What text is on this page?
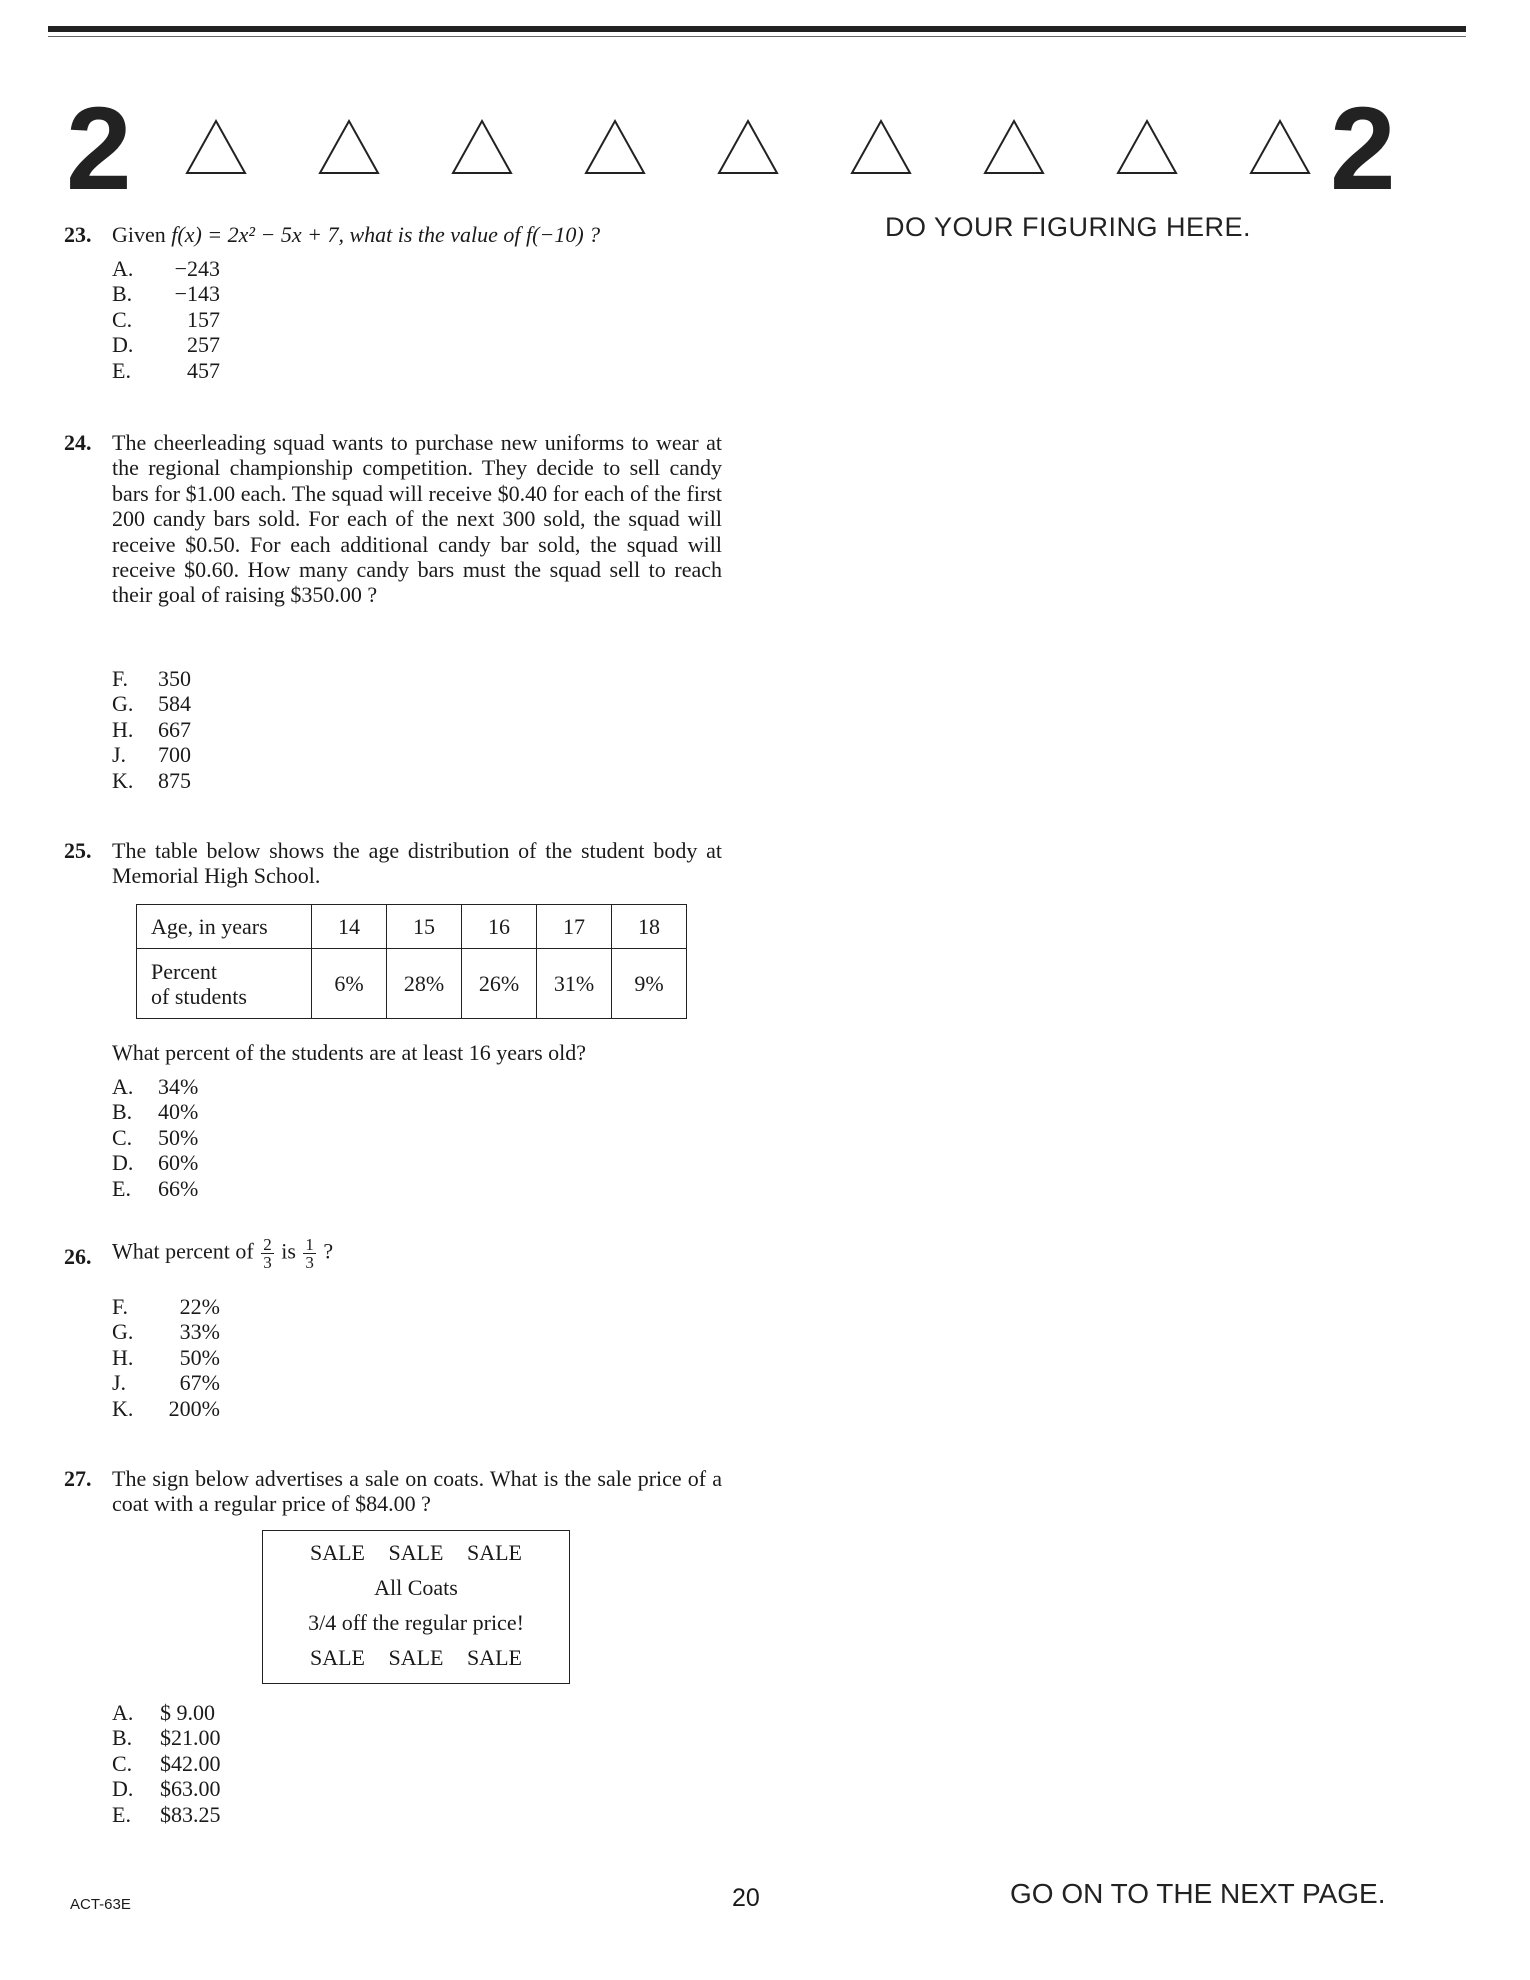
2	2
DO YOUR FIGURING HERE.
23. Given f(x) = 2x² − 5x + 7, what is the value of f(−10) ?
A.	−243
B.	−143
C.	157
D.	257
E.	457
24. The cheerleading squad wants to purchase new uniforms to wear at the regional championship competition. They decide to sell candy bars for $1.00 each. The squad will receive $0.40 for each of the first 200 candy bars sold. For each of the next 300 sold, the squad will receive $0.50. For each additional candy bar sold, the squad will receive $0.60. How many candy bars must the squad sell to reach their goal of raising $350.00 ?
F.	350
G.	584
H.	667
J.	700
K.	875
25. The table below shows the age distribution of the student body at Memorial High School.
Age, in years	14	15	16	17	18

Percent
of students	6%	28%	26%	31%	9%
What percent of the students are at least 16 years old?
A.	34%
B.	40%
C.	50%
D.	60%
E.	66%
26. What percent of $\frac{2}{3}$ is $\frac{1}{3}$ ?
F.	22%
G.	33%
H.	50%
J.	67%
K.	200%
27. The sign below advertises a sale on coats. What is the sale price of a coat with a regular price of $84.00 ?
SALE SALE SALE
All Coats
3/4 off the regular price!
SALE SALE SALE
A.	$ 9.00
B.	$21.00
C.	$42.00
D.	$63.00
E.	$83.25
ACT-63E	20	GO ON TO THE NEXT PAGE.
